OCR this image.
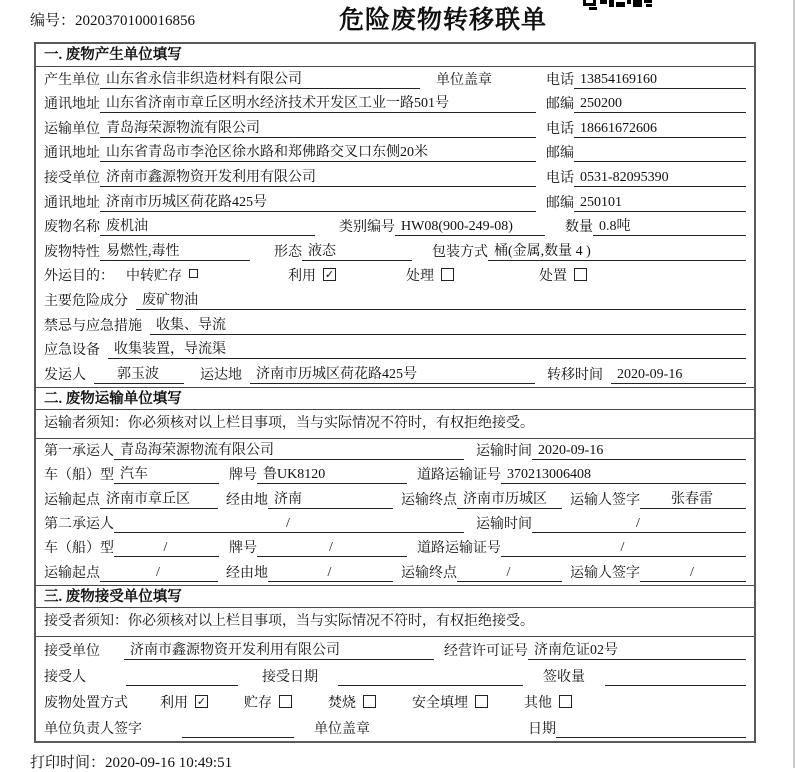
编号：2020370100016856	危险废物转移联单
一. 废物产生单位填写
产生单位 山东省永信非织造材料有限公司	单位盖章	电话 13854169160
通讯地址 山东省济南市章丘区明水经济技术开发区工业一路501号	邮编 250200
运输单位 青岛海荣源物流有限公司	电话 18661672606
通讯地址 山东省青岛市李沧区徐水路和郑佛路交叉口东侧20米	邮编
接受单位 济南市鑫源物资开发利用有限公司	电话 0531-82095390
通讯地址 济南市历城区荷花路425号	邮编 250101
废物名称 废机油	类别编号 HW08(900-249-08)	数量 0.8吨
废物特性 易燃性,毒性	形态 液态	包装方式 桶(金属,数量 4 )
外运目的： 中转贮存	利用 ✓	处理	处置
主要危险成分	废矿物油
禁忌与应急措施	收集、导流
应急设备	收集装置，导流渠
发运人	郭玉波	运达地	济南市历城区荷花路425号	转移时间	2020-09-16
二. 废物运输单位填写
运输者须知：你必须核对以上栏目事项，当与实际情况不符时，有权拒绝接受。
第一承运人 青岛海荣源物流有限公司	运输时间 2020-09-16
车（船）型 汽车	牌号 鲁UK8120	道路运输证号 370213006408
运输起点 济南市章丘区	经由地 济南	运输终点 济南市历城区	运输人签字	张春雷
第二承运人	/	运输时间	/
车（船）型	/	牌号	/	道路运输证号	/
运输起点	/	经由地	/	运输终点	/	运输人签字	/
三. 废物接受单位填写
接受者须知：你必须核对以上栏目事项，当与实际情况不符时，有权拒绝接受。
接受单位	济南市鑫源物资开发利用有限公司	经营许可证号 济南危证02号
接受人	接受日期	签收量
废物处置方式 利用 ✓	贮存	焚烧	安全填埋	其他
单位负责人签字	单位盖章	日期
打印时间：2020-09-16 10:49:51
